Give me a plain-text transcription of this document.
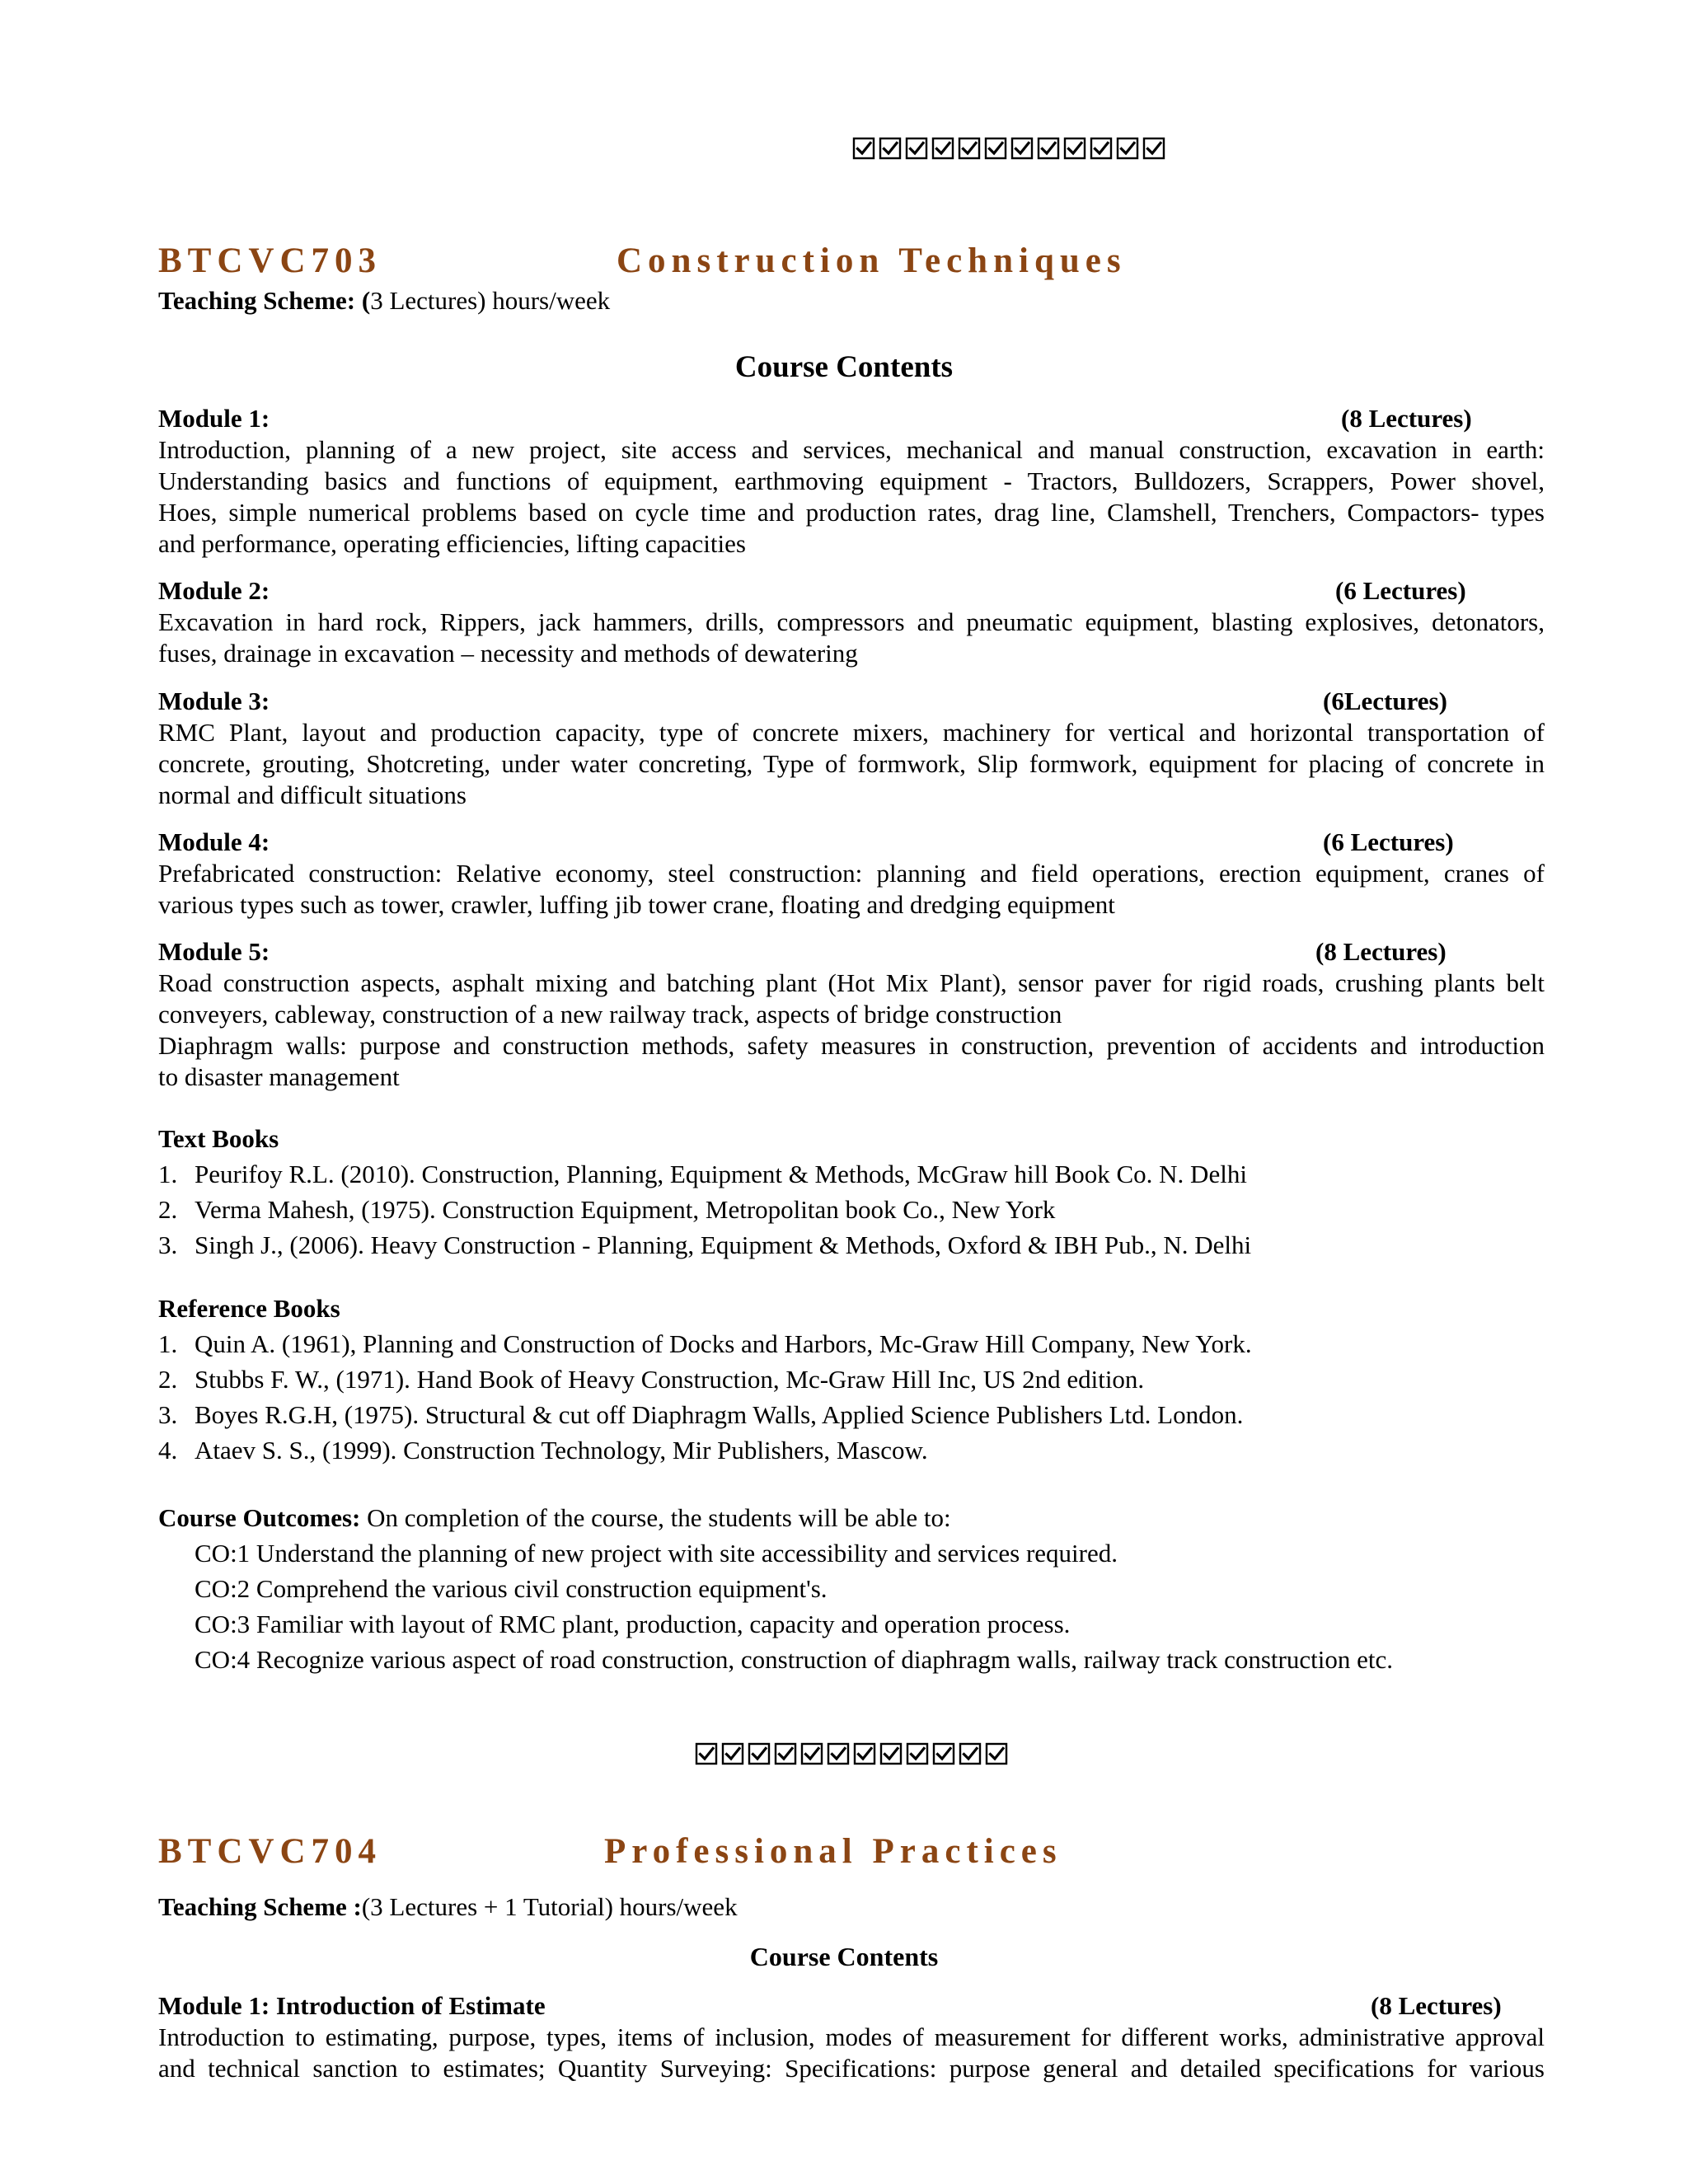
BTCVC703	Construction Techniques
Teaching Scheme: (3 Lectures) hours/week
Course Contents
Module 1:	(8 Lectures)
Introduction, planning of a new project, site access and services, mechanical and manual construction, excavation in earth:
Understanding basics and functions of equipment, earthmoving equipment - Tractors, Bulldozers, Scrappers, Power shovel,
Hoes, simple numerical problems based on cycle time and production rates, drag line, Clamshell, Trenchers, Compactors- types
and performance, operating efficiencies, lifting capacities
Module 2:	(6 Lectures)
Excavation in hard rock, Rippers, jack hammers, drills, compressors and pneumatic equipment, blasting explosives, detonators,
fuses, drainage in excavation – necessity and methods of dewatering
Module 3:	(6Lectures)
RMC Plant, layout and production capacity, type of concrete mixers, machinery for vertical and horizontal transportation of
concrete, grouting, Shotcreting, under water concreting, Type of formwork, Slip formwork, equipment for placing of concrete in
normal and difficult situations
Module 4:	(6 Lectures)
Prefabricated construction: Relative economy, steel construction: planning and field operations, erection equipment, cranes of
various types such as tower, crawler, luffing jib tower crane, floating and dredging equipment
Module 5:	(8 Lectures)
Road construction aspects, asphalt mixing and batching plant (Hot Mix Plant), sensor paver for rigid roads, crushing plants belt
conveyers, cableway, construction of a new railway track, aspects of bridge construction
Diaphragm walls: purpose and construction methods, safety measures in construction, prevention of accidents and introduction
to disaster management
Text Books
1. Peurifoy R.L. (2010). Construction, Planning, Equipment & Methods, McGraw hill Book Co. N. Delhi
2. Verma Mahesh, (1975). Construction Equipment, Metropolitan book Co., New York
3. Singh J., (2006). Heavy Construction - Planning, Equipment & Methods, Oxford & IBH Pub., N. Delhi
Reference Books
1. Quin A. (1961), Planning and Construction of Docks and Harbors, Mc-Graw Hill Company, New York.
2. Stubbs F. W., (1971). Hand Book of Heavy Construction, Mc-Graw Hill Inc, US 2nd edition.
3. Boyes R.G.H, (1975). Structural & cut off Diaphragm Walls, Applied Science Publishers Ltd. London.
4. Ataev S. S., (1999). Construction Technology, Mir Publishers, Mascow.
Course Outcomes: On completion of the course, the students will be able to:
CO:1 Understand the planning of new project with site accessibility and services required.
CO:2 Comprehend the various civil construction equipment's.
CO:3 Familiar with layout of RMC plant, production, capacity and operation process.
CO:4 Recognize various aspect of road construction, construction of diaphragm walls, railway track construction etc.
BTCVC704	Professional Practices
Teaching Scheme :(3 Lectures + 1 Tutorial) hours/week
Course Contents
Module 1: Introduction of Estimate	(8 Lectures)
Introduction to estimating, purpose, types, items of inclusion, modes of measurement for different works, administrative approval
and technical sanction to estimates; Quantity Surveying: Specifications: purpose general and detailed specifications for various
